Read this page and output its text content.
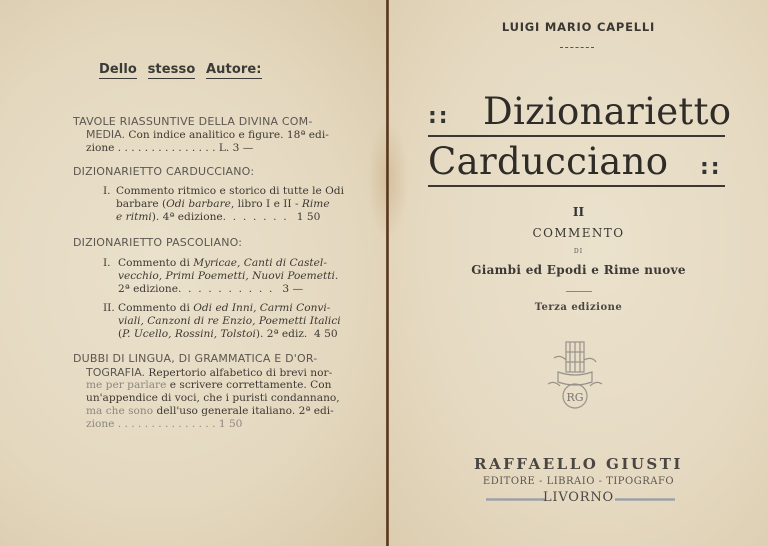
Dello stesso Autore:
TAVOLE RIASSUNTIVE DELLA DIVINA COM-
MEDIA. Con indice analitico e figure. 18ª edi-
zione . . . . . . . . . . . . . . . L. 3 —
DIZIONARIETTO CARDUCCIANO:
I. Commento ritmico e storico di tutte le Odi
barbare (Odi barbare, libro I e II - Rime
e ritmi). 4ª edizione.  .  .  .  .  .  .   1 50
DIZIONARIETTO PASCOLIANO:
I. Commento di Myricae, Canti di Castel-
vecchio, Primi Poemetti, Nuovi Poemetti.
2ª edizione.  .  .  .  .  .  .  .  .  .   3 —
II. Commento di Odi ed Inni, Carmi Convi-
viali, Canzoni di re Enzio, Poemetti Italici
(P. Ucello, Rossini, Tolstoi). 2ª ediz.  4 50
DUBBI DI LINGUA, DI GRAMMATICA E D'OR-
TOGRAFIA. Repertorio alfabetico di brevi nor-
me per parlare e scrivere correttamente. Con
un'appendice di voci, che i puristi condannano,
ma che sono dell'uso generale italiano. 2ª edi-
zione . . . . . . . . . . . . . . . 1 50
LUIGI MARIO CAPELLI
:: Dizionarietto
Carducciano ::
II
COMMENTO
DI
Giambi ed Epodi e Rime nuove
Terza edizione
RG
RAFFAELLO GIUSTI
EDITORE - LIBRAIO - TIPOGRAFO
LIVORNO
